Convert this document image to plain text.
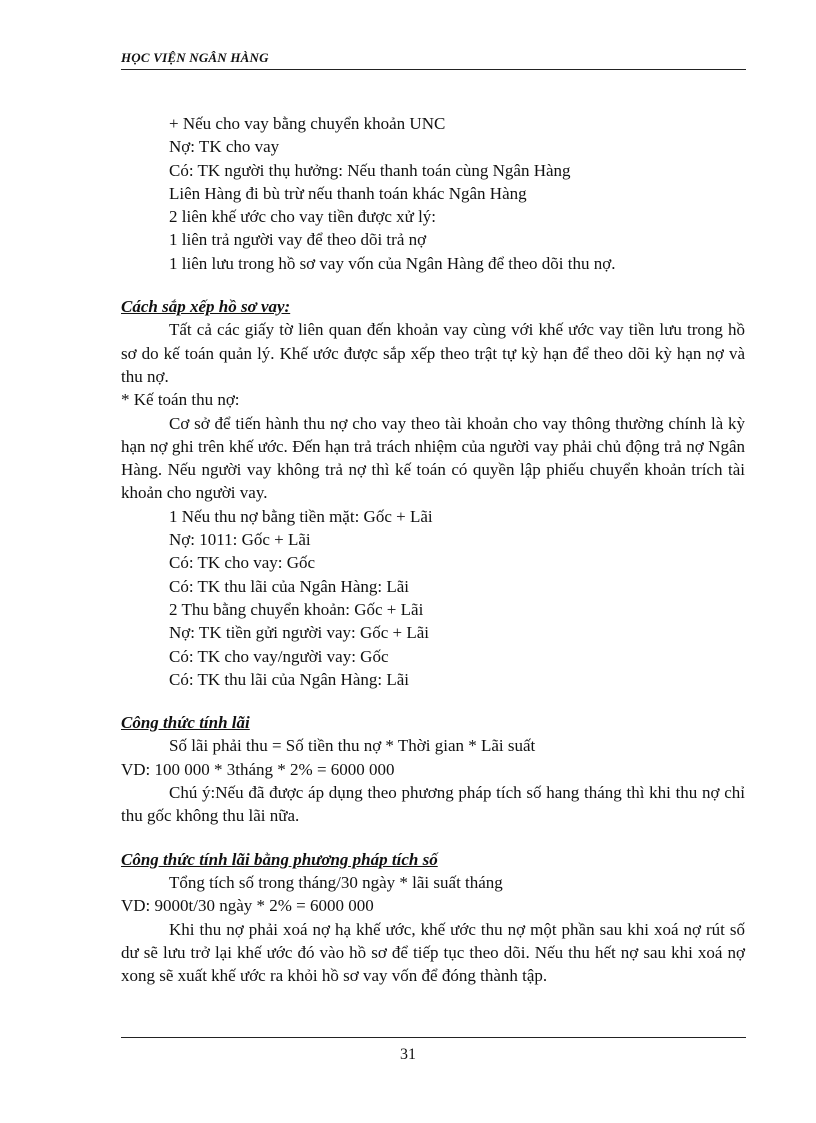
HỌC VIỆN NGÂN HÀNG

+ Nếu cho vay bằng chuyển khoản UNC

Nợ: TK cho vay

Có: TK người thụ hưởng: Nếu thanh toán cùng Ngân Hàng

Liên Hàng đi bù trừ nếu thanh toán khác Ngân Hàng

2 liên khế ước cho vay tiền được xử lý:

1 liên trả người vay để theo dõi trả nợ

1 liên lưu trong hồ sơ vay vốn của Ngân Hàng để theo dõi thu nợ.

Cách sắp xếp hồ sơ vay:

Tất cả các giấy tờ liên quan đến khoản vay cùng với khế ước vay tiền lưu trong hồ sơ do kế toán quản lý. Khế ước được sắp xếp theo trật tự kỳ hạn để theo dõi kỳ hạn nợ và thu nợ.

* Kế toán thu nợ:

Cơ sở để tiến hành thu nợ cho vay theo tài khoản cho vay thông thường chính là kỳ hạn nợ ghi trên khế ước. Đến hạn trả trách nhiệm của người vay phải chủ động trả nợ Ngân Hàng. Nếu người vay không trả nợ thì kế toán có quyền lập phiếu chuyển khoản trích tài khoản cho người vay.

1 Nếu thu nợ bằng tiền mặt: Gốc + Lãi

Nợ: 1011: Gốc + Lãi

Có: TK cho vay: Gốc

Có: TK thu lãi của Ngân Hàng: Lãi

2 Thu bằng chuyển khoản: Gốc + Lãi

Nợ: TK tiền gửi người vay: Gốc + Lãi

Có: TK cho vay/người vay: Gốc

Có: TK thu lãi của Ngân Hàng: Lãi

Công thức tính lãi

Số lãi phải thu = Số tiền thu nợ * Thời gian * Lãi suất

VD: 100 000 * 3tháng * 2% = 6000 000

Chú ý:Nếu đã được áp dụng theo phương pháp tích số hang tháng thì khi thu nợ chỉ thu gốc không thu lãi nữa.

Công thức tính lãi bằng phương pháp tích số

Tổng tích số trong tháng/30 ngày * lãi suất tháng

VD: 9000t/30 ngày * 2% = 6000 000

Khi thu nợ phải xoá nợ hạ khế ước, khế ước thu nợ một phần sau khi xoá nợ rút số dư sẽ lưu trở lại khế ước đó vào hồ sơ để tiếp tục theo dõi. Nếu thu hết nợ sau khi xoá nợ xong sẽ xuất khế ước ra khỏi hồ sơ vay vốn để đóng thành tập.

31
